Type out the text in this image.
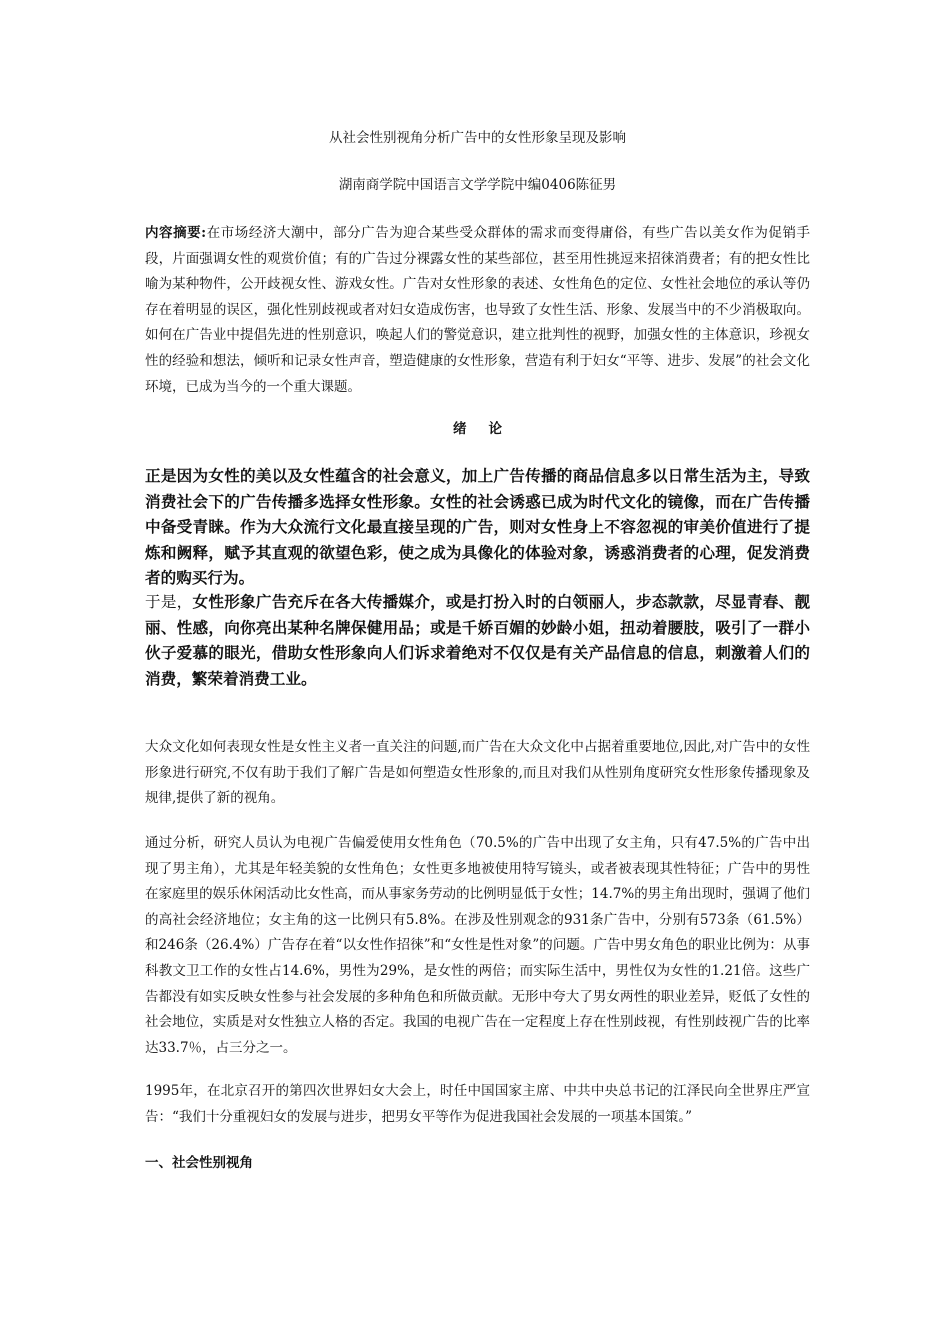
从社会性别视角分析广告中的女性形象呈现及影响
湖南商学院中国语言文学学院中编0406陈征男
内容摘要:在市场经济大潮中，部分广告为迎合某些受众群体的需求而变得庸俗，有些广告以美女作为促销手段，片面强调女性的观赏价值；有的广告过分裸露女性的某些部位，甚至用性挑逗来招徕消费者；有的把女性比喻为某种物件，公开歧视女性、游戏女性。广告对女性形象的表述、女性角色的定位、女性社会地位的承认等仍存在着明显的误区，强化性别歧视或者对妇女造成伤害，也导致了女性生活、形象、发展当中的不少消极取向。如何在广告业中提倡先进的性别意识，唤起人们的警觉意识，建立批判性的视野，加强女性的主体意识，珍视女性的经验和想法，倾听和记录女性声音，塑造健康的女性形象，营造有利于妇女“平等、进步、发展”的社会文化环境，已成为当今的一个重大课题。
绪论
正是因为女性的美以及女性蕴含的社会意义，加上广告传播的商品信息多以日常生活为主，导致消费社会下的广告传播多选择女性形象。女性的社会诱惑已成为时代文化的镜像，而在广告传播中备受青睐。作为大众流行文化最直接呈现的广告，则对女性身上不容忽视的审美价值进行了提炼和阙释，赋予其直观的欲望色彩，使之成为具像化的体验对象，诱惑消费者的心理，促发消费者的购买行为。
于是，女性形象广告充斥在各大传播媒介，或是打扮入时的白领丽人，步态款款，尽显青春、靓丽、性感，向你亮出某种名牌保健用品；或是千娇百媚的妙龄小姐，扭动着腰肢，吸引了一群小伙子爱慕的眼光，借助女性形象向人们诉求着绝对不仅仅是有关产品信息的信息，刺激着人们的消费，繁荣着消费工业。
大众文化如何表现女性是女性主义者一直关注的问题,而广告在大众文化中占据着重要地位,因此,对广告中的女性形象进行研究,不仅有助于我们了解广告是如何塑造女性形象的,而且对我们从性别角度研究女性形象传播现象及规律,提供了新的视角。
通过分析，研究人员认为电视广告偏爱使用女性角色（70.5%的广告中出现了女主角，只有47.5%的广告中出现了男主角），尤其是年轻美貌的女性角色；女性更多地被使用特写镜头，或者被表现其性特征；广告中的男性在家庭里的娱乐休闲活动比女性高，而从事家务劳动的比例明显低于女性；14.7%的男主角出现时，强调了他们的高社会经济地位；女主角的这一比例只有5.8%。在涉及性别观念的931条广告中，分别有573条（61.5%）和246条（26.4%）广告存在着“以女性作招徕”和“女性是性对象”的问题。广告中男女角色的职业比例为：从事科教文卫工作的女性占14.6%，男性为29%，是女性的两倍；而实际生活中，男性仅为女性的1.21倍。这些广告都没有如实反映女性参与社会发展的多种角色和所做贡献。无形中夸大了男女两性的职业差异，贬低了女性的社会地位，实质是对女性独立人格的否定。我国的电视广告在一定程度上存在性别歧视，有性别歧视广告的比率达33.7％，占三分之一。
1995年，在北京召开的第四次世界妇女大会上，时任中国国家主席、中共中央总书记的江泽民向全世界庄严宣告：“我们十分重视妇女的发展与进步，把男女平等作为促进我国社会发展的一项基本国策。”
一、社会性别视角
